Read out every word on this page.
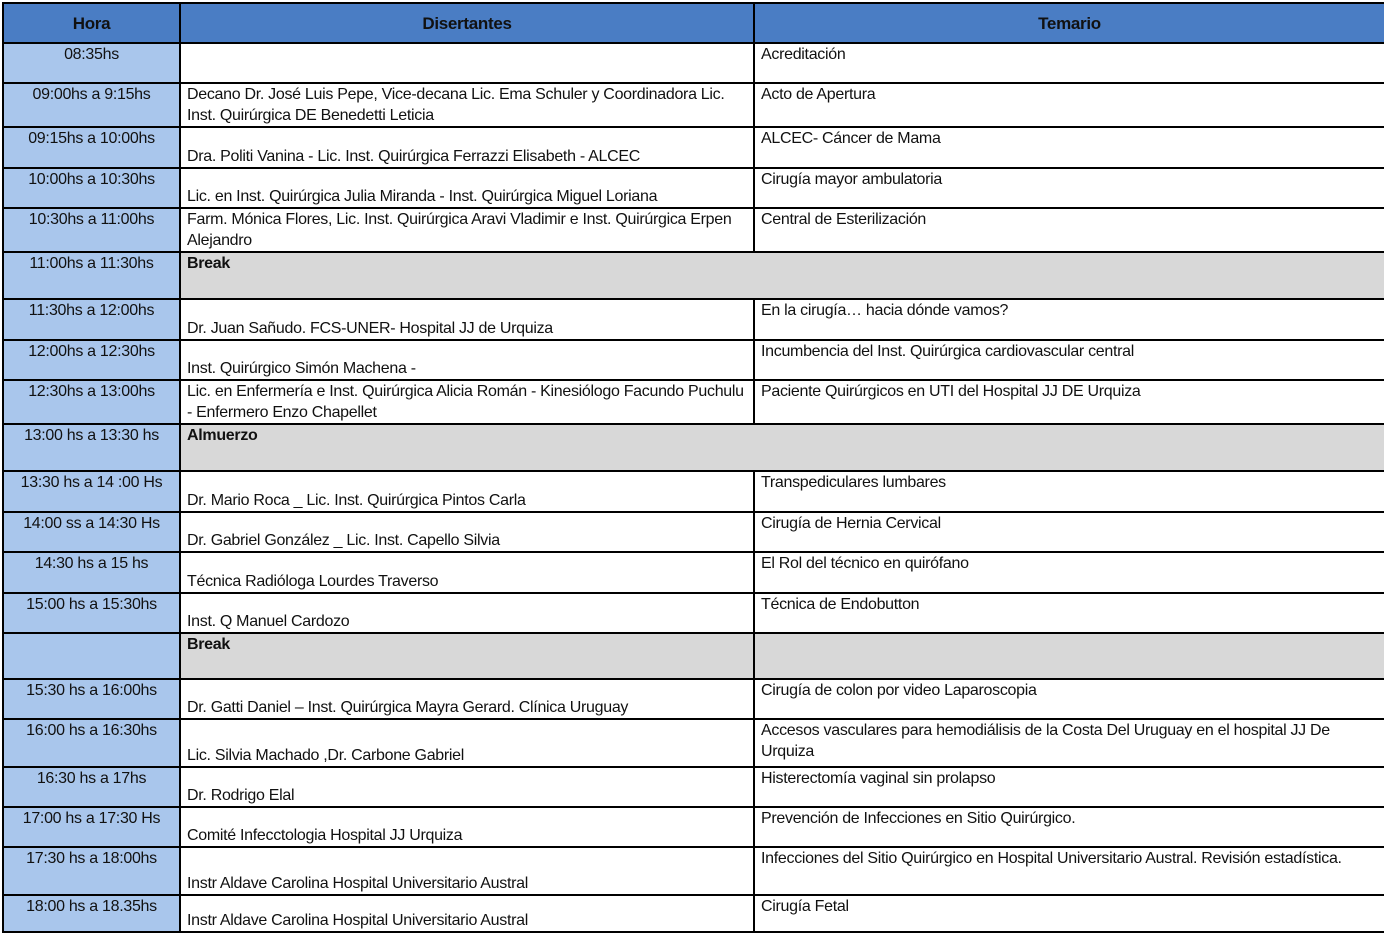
Hora	Disertantes	Temario
08:35hs		Acreditación
09:00hs a 9:15hs	Decano Dr. José Luis Pepe, Vice-decana Lic. Ema Schuler y Coordinadora Lic. Inst. Quirúrgica DE Benedetti Leticia	Acto de Apertura
09:15hs a 10:00hs	Dra. Politi Vanina - Lic. Inst. Quirúrgica Ferrazzi Elisabeth - ALCEC	ALCEC- Cáncer de Mama
10:00hs a 10:30hs	Lic. en Inst. Quirúrgica Julia Miranda - Inst. Quirúrgica Miguel Loriana	Cirugía mayor ambulatoria
10:30hs a 11:00hs	Farm. Mónica Flores, Lic. Inst. Quirúrgica Aravi Vladimir e Inst. Quirúrgica Erpen Alejandro	Central de Esterilización
11:00hs a 11:30hs	Break	
11:30hs a 12:00hs	Dr. Juan Sañudo. FCS-UNER- Hospital JJ de Urquiza	En la cirugía… hacia dónde vamos?
12:00hs a 12:30hs	Inst. Quirúrgico Simón Machena -	Incumbencia del Inst. Quirúrgica cardiovascular central
12:30hs a 13:00hs	Lic. en Enfermería e Inst. Quirúrgica Alicia Román - Kinesiólogo Facundo Puchulu - Enfermero Enzo Chapellet	Paciente Quirúrgicos en UTI del Hospital JJ DE Urquiza
13:00 hs a 13:30 hs	Almuerzo	
13:30 hs a 14 :00 Hs	Dr. Mario Roca _ Lic. Inst. Quirúrgica Pintos Carla	Transpediculares lumbares
14:00 ss a 14:30 Hs	Dr. Gabriel González _ Lic. Inst. Capello Silvia	Cirugía de Hernia Cervical
14:30 hs a 15 hs	Técnica Radióloga Lourdes Traverso	El Rol del técnico en quirófano
15:00 hs a 15:30hs	Inst. Q Manuel Cardozo	Técnica de Endobutton
	Break	
15:30 hs a 16:00hs	Dr. Gatti Daniel – Inst. Quirúrgica Mayra Gerard. Clínica Uruguay	Cirugía de colon por video Laparoscopia
16:00 hs a 16:30hs	Lic. Silvia Machado ,Dr. Carbone Gabriel	Accesos vasculares para hemodiálisis de la Costa Del Uruguay en el hospital JJ De Urquiza
16:30 hs a 17hs	Dr. Rodrigo Elal	Histerectomía vaginal sin prolapso
17:00 hs a 17:30 Hs	Comité Infecctologia Hospital JJ Urquiza	Prevención de Infecciones en Sitio Quirúrgico.
17:30 hs a 18:00hs	Instr Aldave Carolina Hospital Universitario Austral	Infecciones del Sitio Quirúrgico en Hospital Universitario Austral. Revisión estadística.
18:00 hs a 18.35hs	Instr Aldave Carolina Hospital Universitario Austral	Cirugía Fetal
